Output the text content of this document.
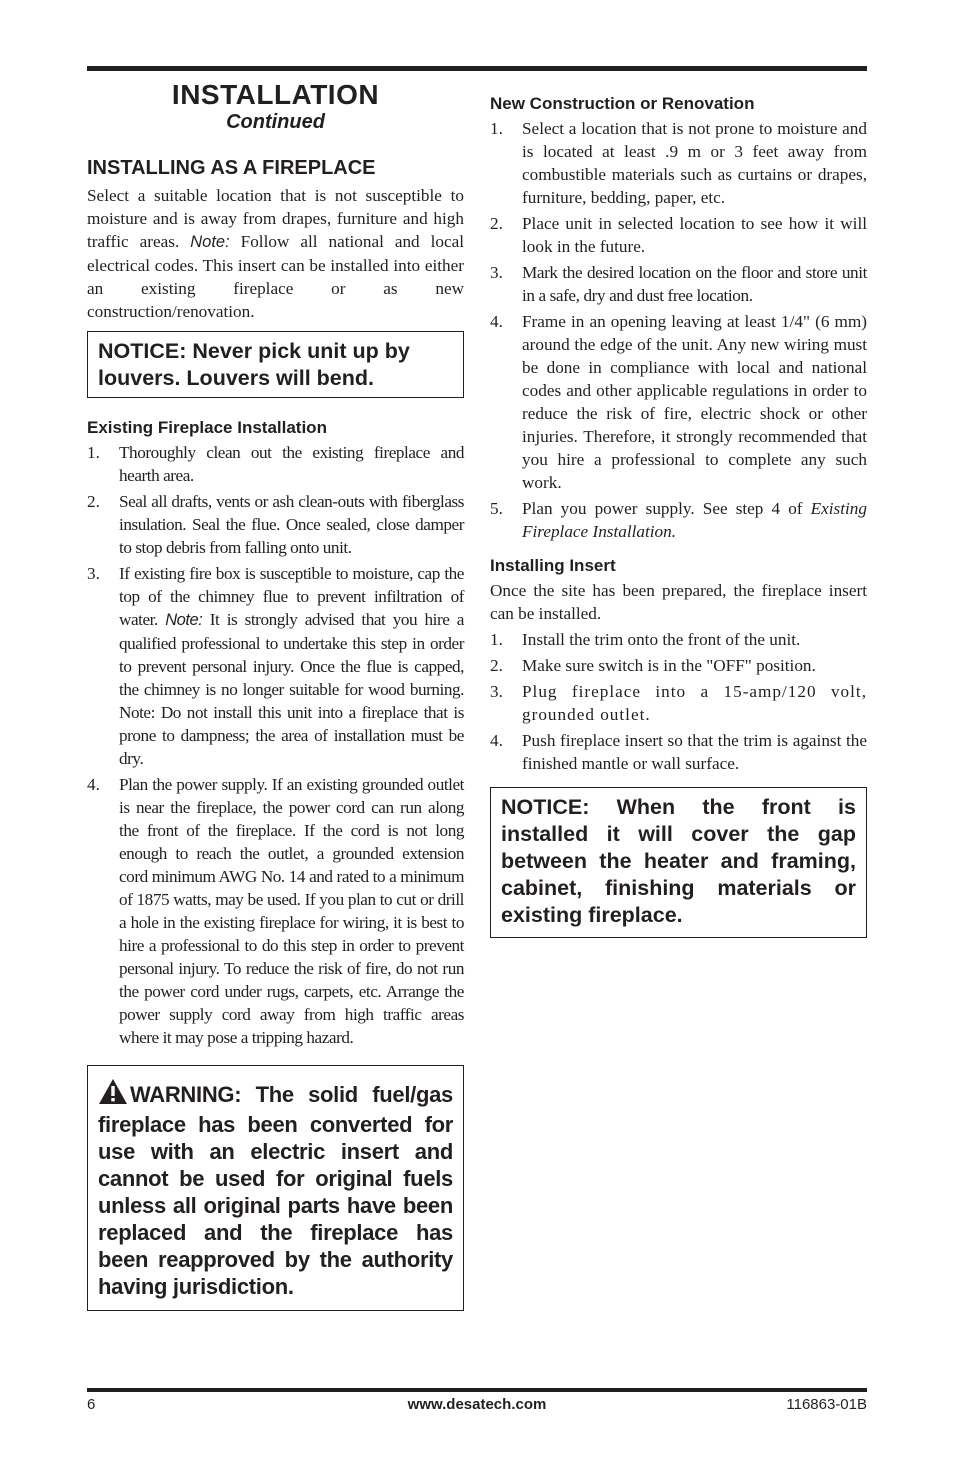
INSTALLATION
Continued
INSTALLING AS A FIREPLACE

Select a suitable location that is not susceptible to moisture and is away from drapes, furniture and high traffic areas. Note: Follow all national and local electrical codes. This insert can be installed into either an existing fireplace or as new construction/renovation.

NOTICE: Never pick unit up by louvers. Louvers will bend.
Existing Fireplace Installation
1.	Thoroughly clean out the existing fireplace and hearth area.
2.	Seal all drafts, vents or ash clean-outs with fiberglass insulation. Seal the flue. Once sealed, close damper to stop debris from falling onto unit.
3.	If existing fire box is susceptible to moisture, cap the top of the chimney flue to prevent infiltration of water. Note: It is strongly advised that you hire a qualified professional to undertake this step in order to prevent personal injury. Once the flue is capped, the chimney is no longer suitable for wood burning. Note: Do not install this unit into a fireplace that is prone to dampness; the area of installation must be dry.
4.	Plan the power supply. If an existing grounded outlet is near the fireplace, the power cord can run along the front of the fireplace. If the cord is not long enough to reach the outlet, a grounded extension cord minimum AWG No. 14 and rated to a minimum of 1875 watts, may be used. If you plan to cut or drill a hole in the existing fireplace for wiring, it is best to hire a professional to do this step in order to prevent personal injury. To reduce the risk of fire, do not run the power cord under rugs, carpets, etc. Arrange the power supply cord away from high traffic areas where it may pose a tripping hazard.
WARNING: The solid fuel/gas fireplace has been converted for use with an electric insert and cannot be used for original fuels unless all original parts have been replaced and the fireplace has been reapproved by the authority having jurisdiction.
New Construction or Renovation
1.	Select a location that is not prone to moisture and is located at least .9 m or 3 feet away from combustible materials such as curtains or drapes, furniture, bedding, paper, etc.
2.	Place unit in selected location to see how it will look in the future.
3.	Mark the desired location on the floor and store unit in a safe, dry and dust free location.
4.	Frame in an opening leaving at least 1/4" (6 mm) around the edge of the unit. Any new wiring must be done in compliance with local and national codes and other applicable regulations in order to reduce the risk of fire, electric shock or other injuries. Therefore, it strongly recommended that you hire a professional to complete any such work.
5.	Plan you power supply. See step 4 of Existing Fireplace Installation.
Installing Insert

Once the site has been prepared, the fireplace insert can be installed.

1.	Install the trim onto the front of the unit.
2.	Make sure switch is in the "OFF" position.
3.	Plug fireplace into a 15-amp/120 volt, grounded outlet.
4.	Push fireplace insert so that the trim is against the finished mantle or wall surface.
NOTICE: When the front is installed it will cover the gap between the heater and framing, cabinet, finishing materials or existing fireplace.
6	www.desatech.com	116863-01B
